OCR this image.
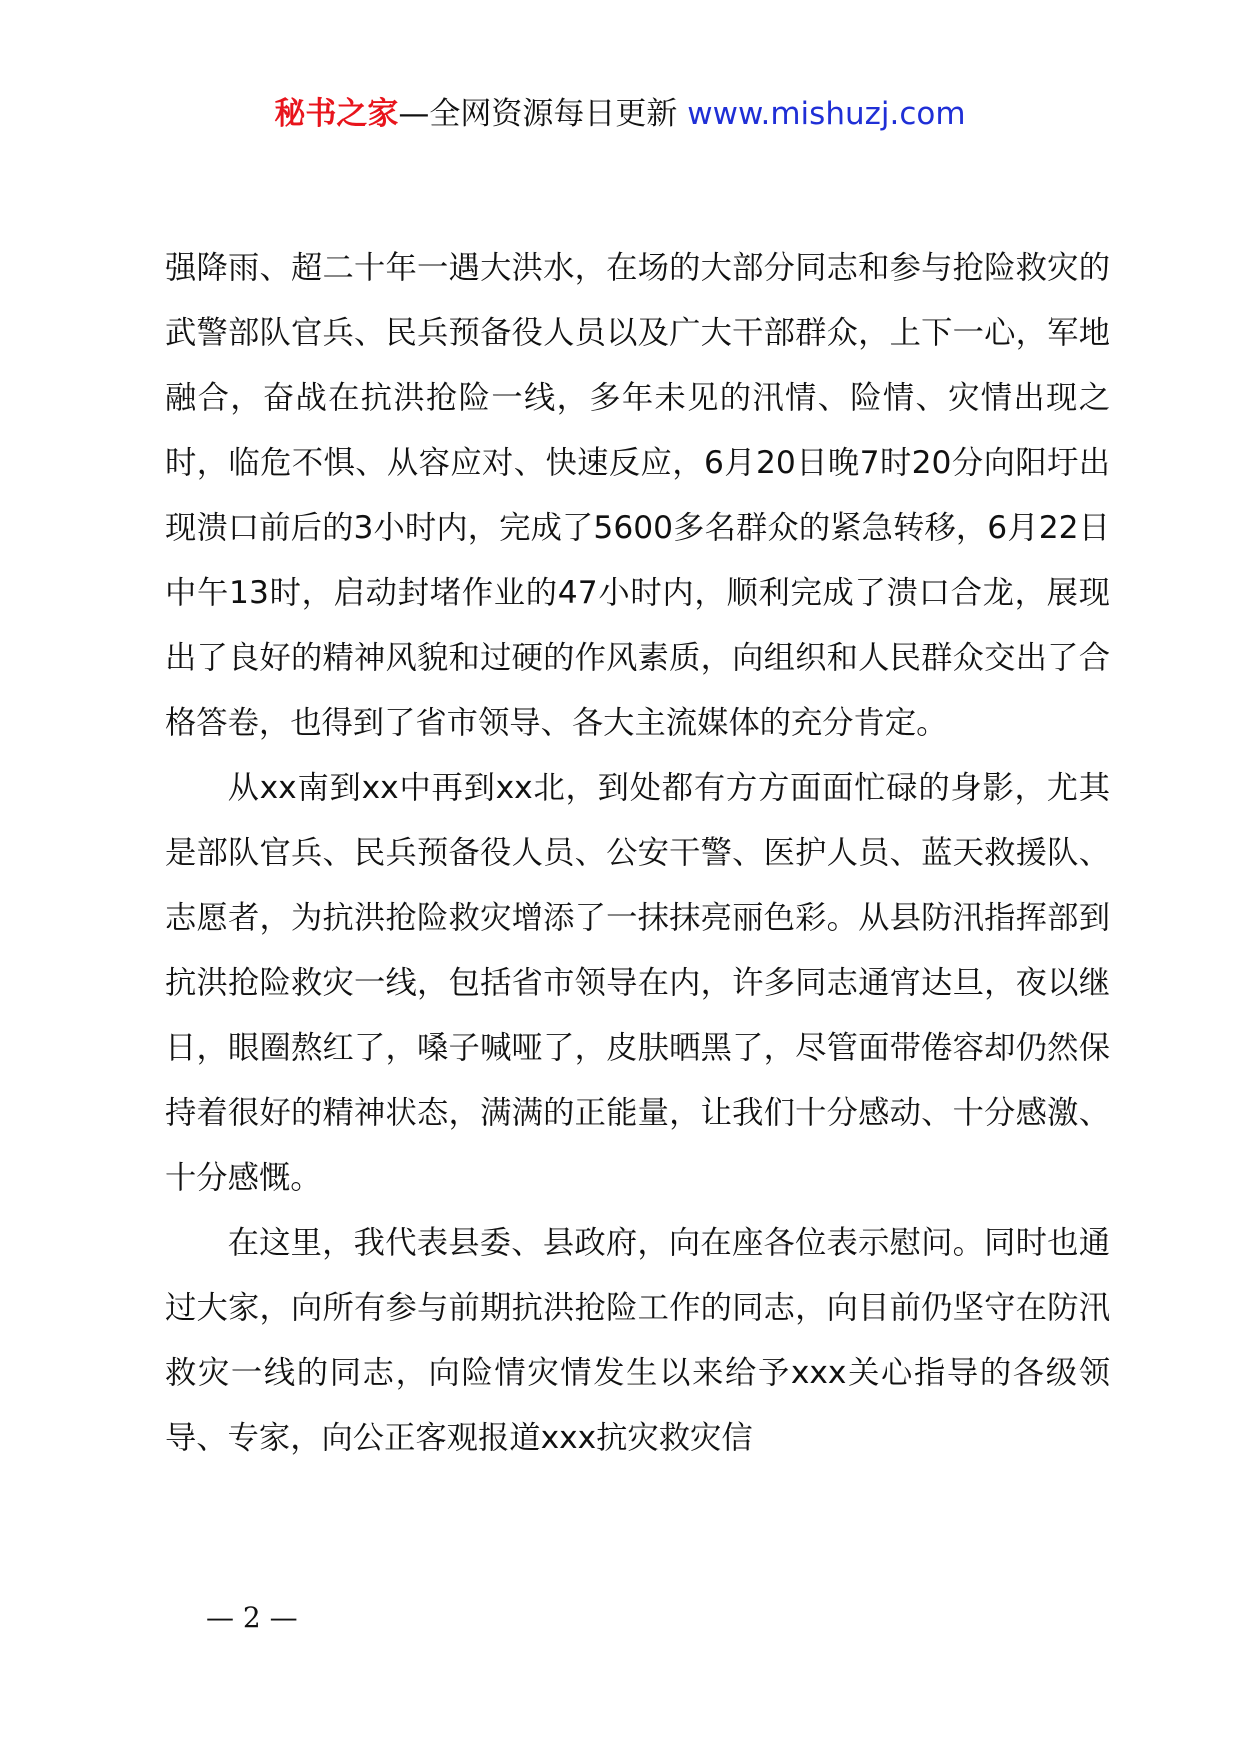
秘书之家—全网资源每日更新 www.mishuzj.com

强降雨、超二十年一遇大洪水，在场的大部分同志和参与抢险救灾的武警部队官兵、民兵预备役人员以及广大干部群众，上下一心，军地融合，奋战在抗洪抢险一线，多年未见的汛情、险情、灾情出现之时，临危不惧、从容应对、快速反应，6月20日晚7时20分向阳圩出现溃口前后的3小时内，完成了5600多名群众的紧急转移，6月22日中午13时，启动封堵作业的47小时内，顺利完成了溃口合龙，展现出了良好的精神风貌和过硬的作风素质，向组织和人民群众交出了合格答卷，也得到了省市领导、各大主流媒体的充分肯定。

从xx南到xx中再到xx北，到处都有方方面面忙碌的身影，尤其是部队官兵、民兵预备役人员、公安干警、医护人员、蓝天救援队、志愿者，为抗洪抢险救灾增添了一抹抹亮丽色彩。从县防汛指挥部到抗洪抢险救灾一线，包括省市领导在内，许多同志通宵达旦，夜以继日，眼圈熬红了，嗓子喊哑了，皮肤晒黑了，尽管面带倦容却仍然保持着很好的精神状态，满满的正能量，让我们十分感动、十分感激、十分感慨。

在这里，我代表县委、县政府，向在座各位表示慰问。同时也通过大家，向所有参与前期抗洪抢险工作的同志，向目前仍坚守在防汛救灾一线的同志，向险情灾情发生以来给予xxx关心指导的各级领导、专家，向公正客观报道xxx抗灾救灾信

— 2 —
